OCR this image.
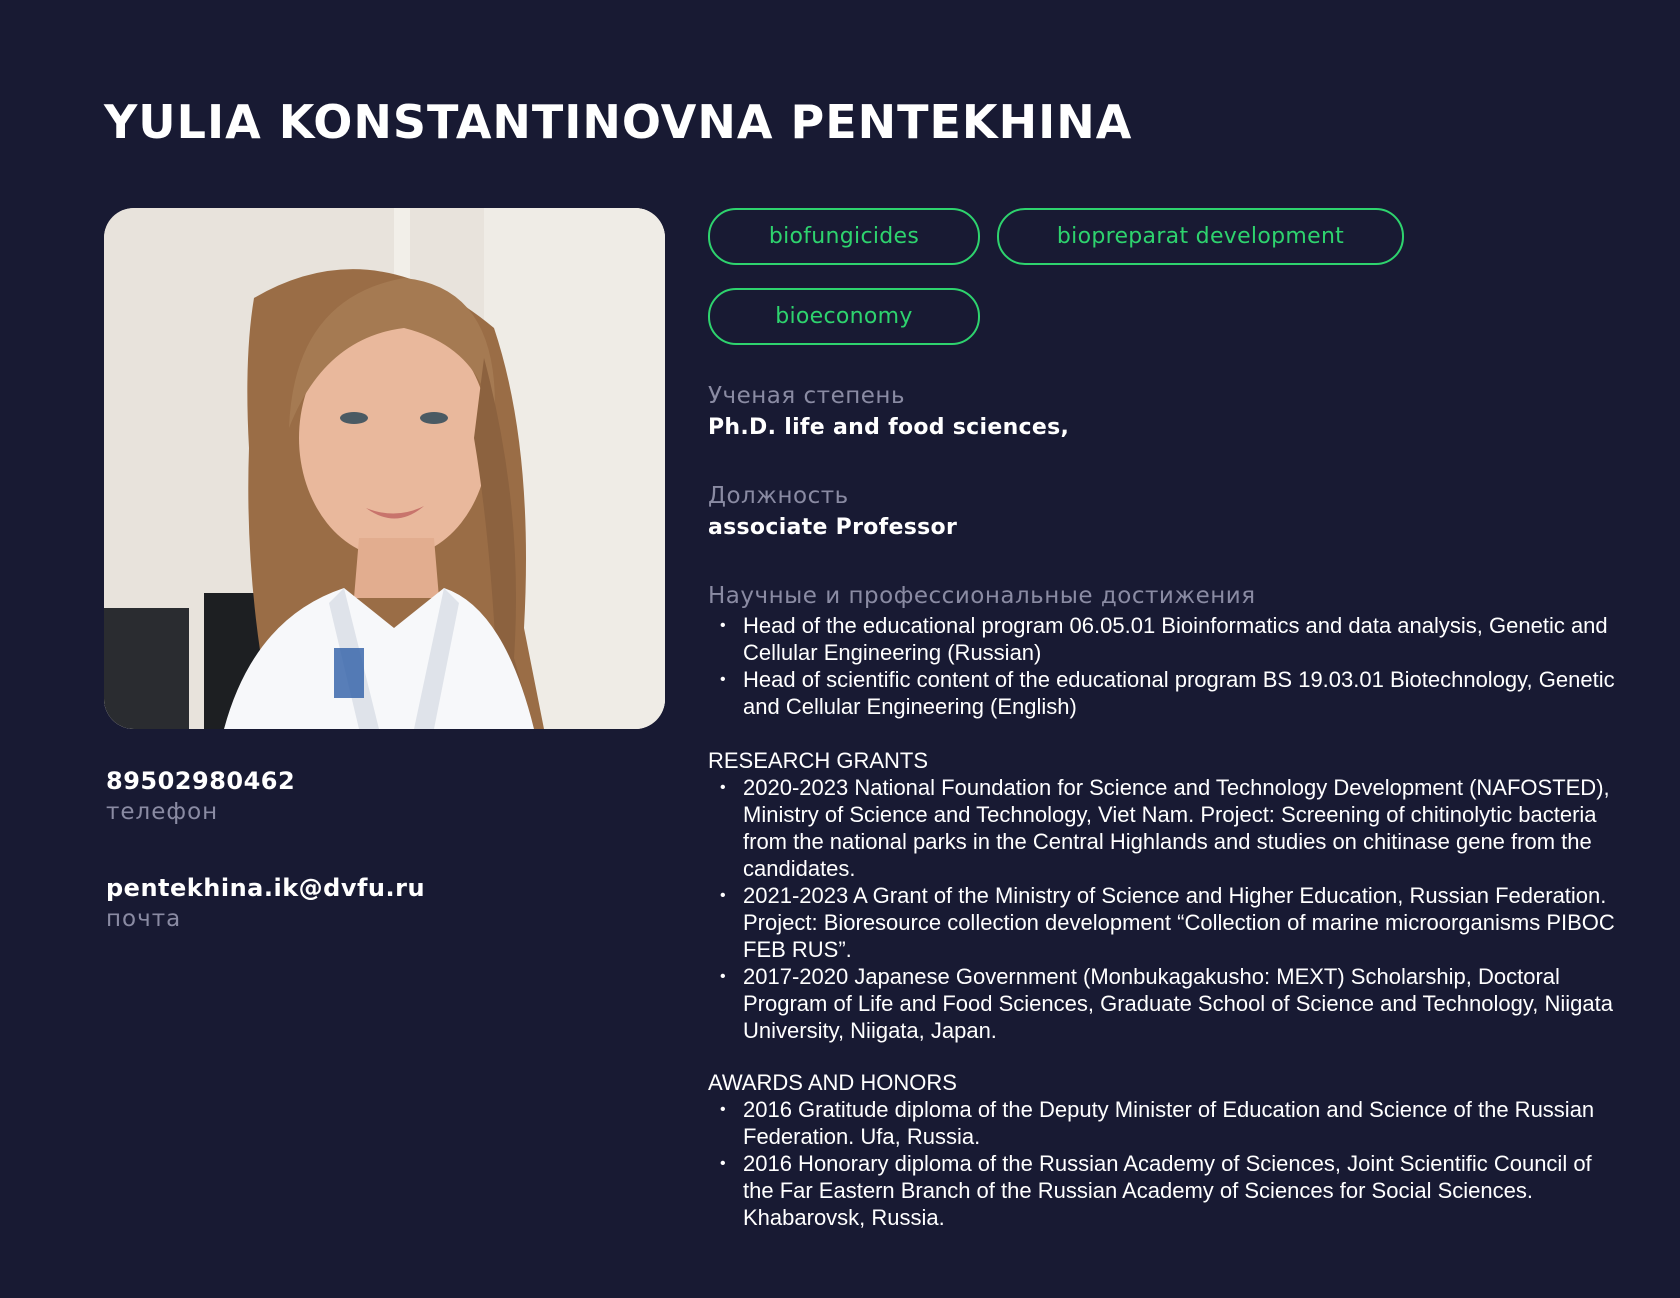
YULIA KONSTANTINOVNA PENTEKHINA
89502980462
телефон
pentekhina.ik@dvfu.ru
почта
biofungicides	biopreparat development
bioeconomy
Ученая степень
Ph.D. life and food sciences,
Должность
associate Professor
Научные и профессиональные достижения
• Head of the educational program 06.05.01 Bioinformatics and data analysis, Genetic and Cellular Engineering (Russian)
• Head of scientific content of the educational program BS 19.03.01 Biotechnology, Genetic and Cellular Engineering (English)
RESEARCH GRANTS
• 2020-2023 National Foundation for Science and Technology Development (NAFOSTED), Ministry of Science and Technology, Viet Nam. Project: Screening of chitinolytic bacteria from the national parks in the Central Highlands and studies on chitinase gene from the candidates.
• 2021-2023 A Grant of the Ministry of Science and Higher Education, Russian Federation. Project: Bioresource collection development “Collection of marine microorganisms PIBOC FEB RUS”.
• 2017-2020 Japanese Government (Monbukagakusho: MEXT) Scholarship, Doctoral Program of Life and Food Sciences, Graduate School of Science and Technology, Niigata University, Niigata, Japan.
AWARDS AND HONORS
• 2016 Gratitude diploma of the Deputy Minister of Education and Science of the Russian Federation. Ufa, Russia.
• 2016 Honorary diploma of the Russian Academy of Sciences, Joint Scientific Council of the Far Eastern Branch of the Russian Academy of Sciences for Social Sciences. Khabarovsk, Russia.
